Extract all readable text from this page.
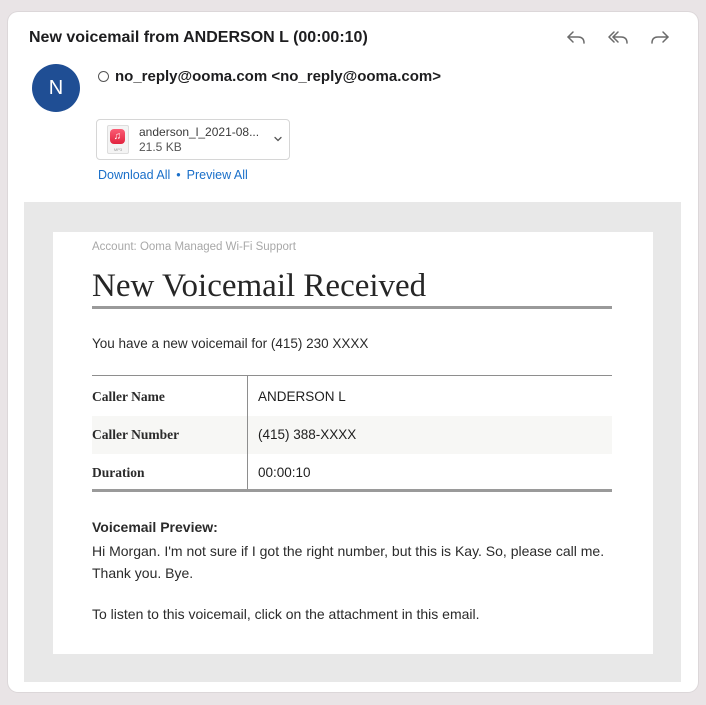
New voicemail from ANDERSON L (00:00:10)
N	no_reply@ooma.com <no_reply@ooma.com>
♫
MP3
anderson_l_2021-08...
21.5 KB
Download All • Preview All
Account: Ooma Managed Wi-Fi Support
New Voicemail Received
You have a new voicemail for (415) 230 XXXX
Caller Name	ANDERSON L
Caller Number	(415) 388-XXXX
Duration	00:00:10
Voicemail Preview:
Hi Morgan. I'm not sure if I got the right number, but this is Kay. So, please call me. Thank you. Bye.
To listen to this voicemail, click on the attachment in this email.
